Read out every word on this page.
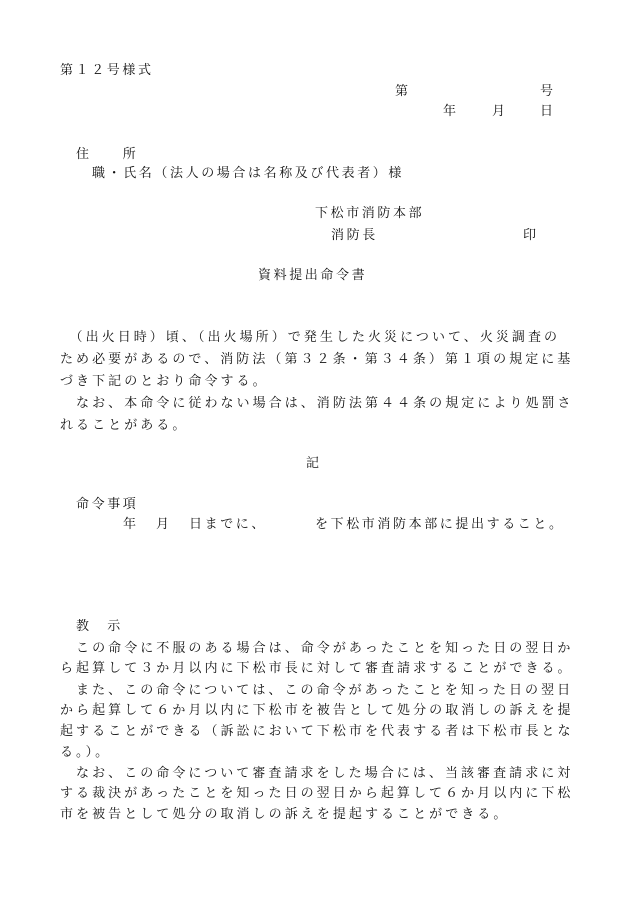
第１２号様式
第	号
年	月 日
住　　所
職・氏名（法人の場合は名称及び代表者）様
下松市消防本部
消防長	印
資料提出命令書
　（出火日時）頃、（出火場所）で発生した火災について、火災調査の
ため必要があるので、消防法（第３２条・第３４条）第１項の規定に基
づき下記のとおり命令する。
　なお、本命令に従わない場合は、消防法第４４条の規定により処罰さ
れることがある。
記
命令事項
年 月 日までに、	を下松市消防本部に提出すること。
教　示
　この命令に不服のある場合は、命令があったことを知った日の翌日か
ら起算して３か月以内に下松市長に対して審査請求することができる。
　また、この命令については、この命令があったことを知った日の翌日
から起算して６か月以内に下松市を被告として処分の取消しの訴えを提
起することができる（訴訟において下松市を代表する者は下松市長とな
る。）。
　なお、この命令について審査請求をした場合には、当該審査請求に対
する裁決があったことを知った日の翌日から起算して６か月以内に下松
市を被告として処分の取消しの訴えを提起することができる。
